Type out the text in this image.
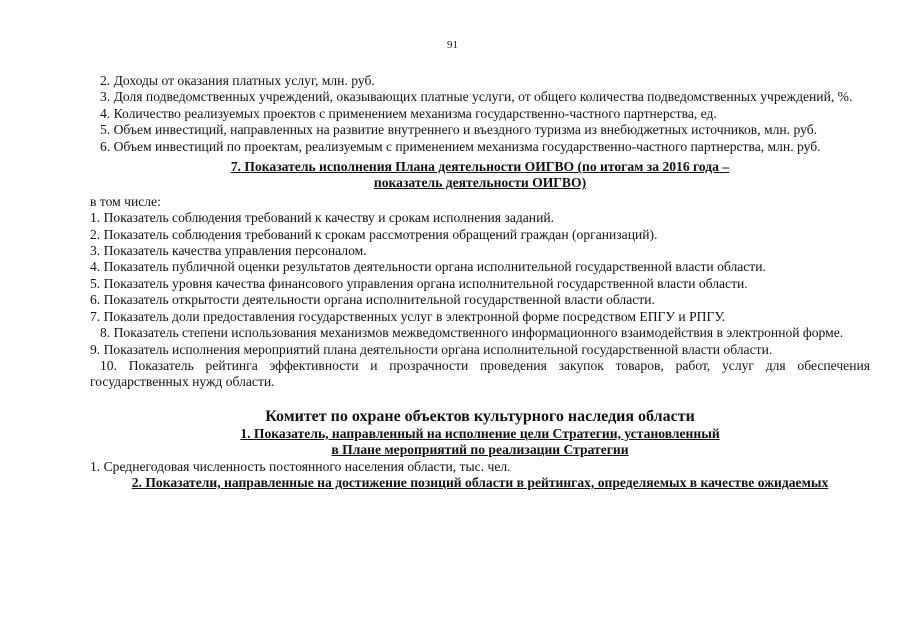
91

2. Доходы от оказания платных услуг, млн. руб.

3. Доля подведомственных учреждений, оказывающих платные услуги, от общего количества подведомственных учреждений, %.

4. Количество реализуемых проектов с применением механизма государственно-частного партнерства, ед.

5. Объем инвестиций, направленных на развитие внутреннего и въездного туризма из внебюджетных источников, млн. руб.

6. Объем инвестиций по проектам, реализуемым с применением механизма государственно-частного партнерства, млн. руб.

7. Показатель исполнения Плана деятельности ОИГВО (по итогам за 2016 года –

показатель деятельности ОИГВО)

в том числе:

1. Показатель соблюдения требований к качеству и срокам исполнения заданий.

2. Показатель соблюдения требований к срокам рассмотрения обращений граждан (организаций).

3. Показатель качества управления персоналом.

4. Показатель публичной оценки результатов деятельности органа исполнительной государственной власти области.

5. Показатель уровня качества финансового управления органа исполнительной государственной власти области.

6. Показатель открытости деятельности органа исполнительной государственной власти области.

7. Показатель доли предоставления государственных услуг в электронной форме посредством ЕПГУ и РПГУ.

8. Показатель степени использования механизмов межведомственного информационного взаимодействия в электронной форме.

9. Показатель исполнения мероприятий плана деятельности органа исполнительной государственной власти области.

10. Показатель рейтинга эффективности и прозрачности проведения закупок товаров, работ, услуг для обеспечения государственных нужд области.

Комитет по охране объектов культурного наследия области

1. Показатель, направленный на исполнение цели Стратегии, установленный

в Плане мероприятий по реализации Стратегии

1. Среднегодовая численность постоянного населения области, тыс. чел.

2. Показатели, направленные на достижение позиций области в рейтингах, определяемых в качестве ожидаемых
